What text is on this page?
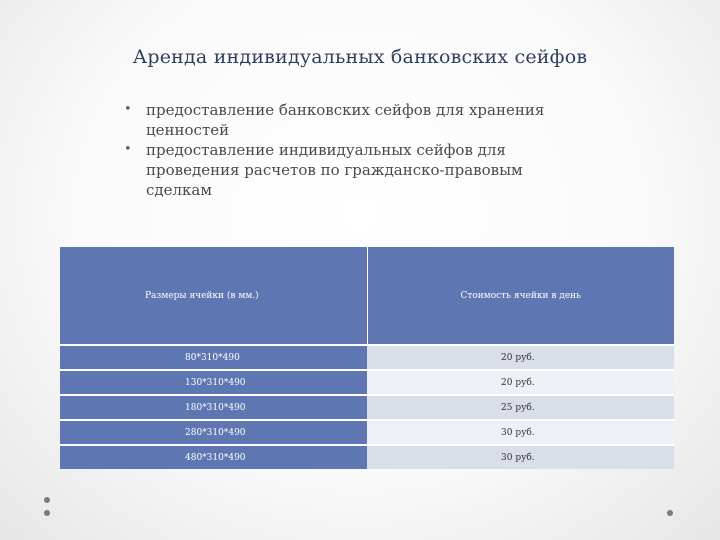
Аренда индивидуальных банковских сейфов
• предоставление банковских сейфов для хранения ценностей
• предоставление индивидуальных сейфов для проведения расчетов по гражданско-правовым сделкам
Размеры ячейки (в мм.)	Стоимость ячейки в день
80*310*490	20 руб.
130*310*490	20 руб.
180*310*490	25 руб.
280*310*490	30 руб.
480*310*490	30 руб.
